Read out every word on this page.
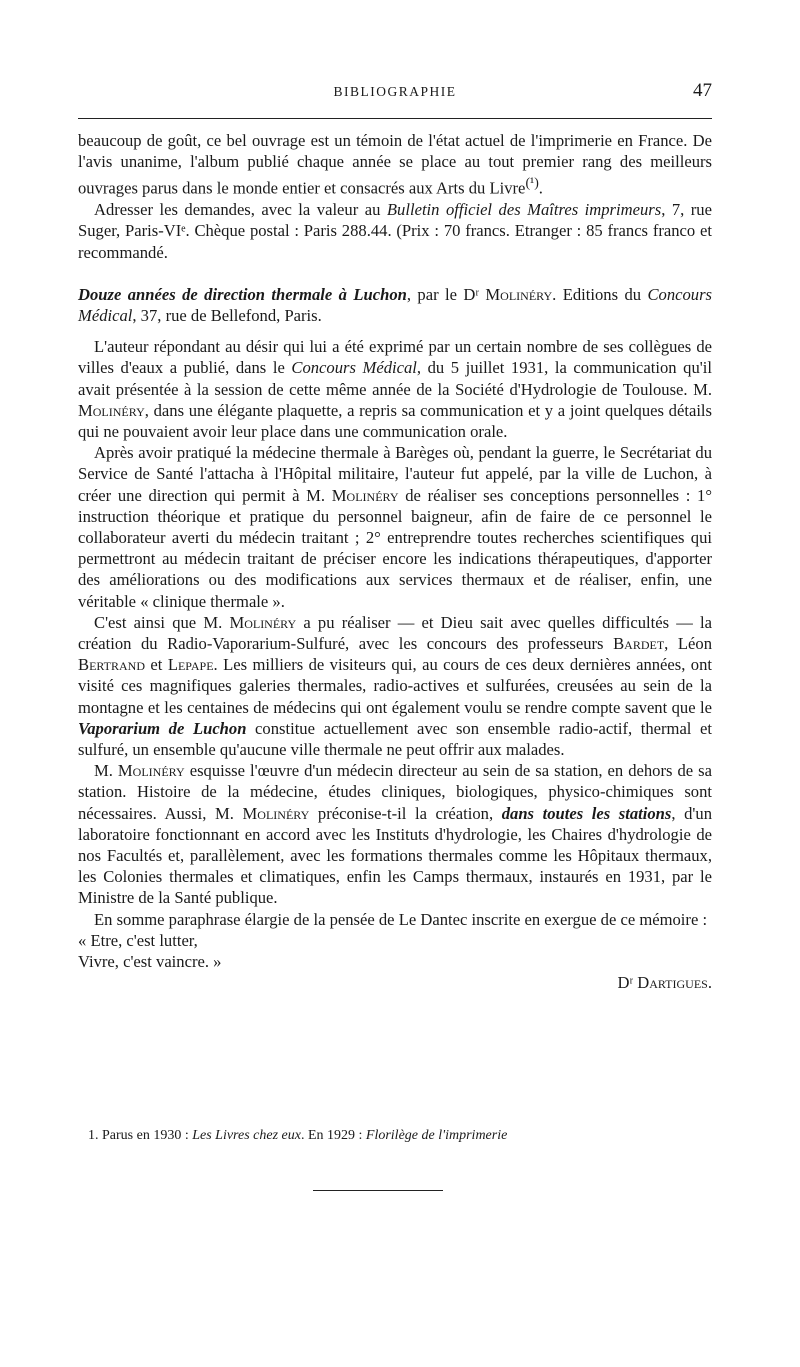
BIBLIOGRAPHIE	47

beaucoup de goût, ce bel ouvrage est un témoin de l'état actuel de l'imprimerie en France. De l'avis unanime, l'album publié chaque année se place au tout premier rang des meilleurs ouvrages parus dans le monde entier et consacrés aux Arts du Livre$^{(^1)}$.

Adresser les demandes, avec la valeur au Bulletin officiel des Maîtres imprimeurs, 7, rue Suger, Paris-VIᵉ. Chèque postal : Paris 288.44. (Prix : 70 francs. Etranger : 85 francs franco et recommandé.

Douze années de direction thermale à Luchon, par le Dʳ Molinéry. Editions du Concours Médical, 37, rue de Bellefond, Paris.

L'auteur répondant au désir qui lui a été exprimé par un certain nombre de ses collègues de villes d'eaux a publié, dans le Concours Médical, du 5 juillet 1931, la communication qu'il avait présentée à la session de cette même année de la Société d'Hydrologie de Toulouse. M. Molinéry, dans une élégante plaquette, a repris sa communication et y a joint quelques détails qui ne pouvaient avoir leur place dans une communication orale.

Après avoir pratiqué la médecine thermale à Barèges où, pendant la guerre, le Secrétariat du Service de Santé l'attacha à l'Hôpital militaire, l'auteur fut appelé, par la ville de Luchon, à créer une direction qui permit à M. Molinéry de réaliser ses conceptions personnelles : 1° instruction théorique et pratique du personnel baigneur, afin de faire de ce personnel le collaborateur averti du médecin traitant ; 2° entreprendre toutes recherches scientifiques qui permettront au médecin traitant de préciser encore les indications thérapeutiques, d'apporter des améliorations ou des modifications aux services thermaux et de réaliser, enfin, une véritable « clinique thermale ».

C'est ainsi que M. Molinéry a pu réaliser — et Dieu sait avec quelles difficultés — la création du Radio-Vaporarium-Sulfuré, avec les concours des professeurs Bardet, Léon Bertrand et Lepape. Les milliers de visiteurs qui, au cours de ces deux dernières années, ont visité ces magnifiques galeries thermales, radio-actives et sulfurées, creusées au sein de la montagne et les centaines de médecins qui ont également voulu se rendre compte savent que le Vaporarium de Luchon constitue actuellement avec son ensemble radio-actif, thermal et sulfuré, un ensemble qu'aucune ville thermale ne peut offrir aux malades.

M. Molinéry esquisse l'œuvre d'un médecin directeur au sein de sa station, en dehors de sa station. Histoire de la médecine, études cliniques, biologiques, physico-chimiques sont nécessaires. Aussi, M. Molinéry préconise-t-il la création, dans toutes les stations, d'un laboratoire fonctionnant en accord avec les Instituts d'hydrologie, les Chaires d'hydrologie de nos Facultés et, parallèlement, avec les formations thermales comme les Hôpitaux thermaux, les Colonies thermales et climatiques, enfin les Camps thermaux, instaurés en 1931, par le Ministre de la Santé publique.

En somme paraphrase élargie de la pensée de Le Dantec inscrite en exergue de ce mémoire :

« Etre, c'est lutter,

Vivre, c'est vaincre. »

Dʳ Dartigues.

1. Parus en 1930 : Les Livres chez eux. En 1929 : Florilège de l'imprimerie
